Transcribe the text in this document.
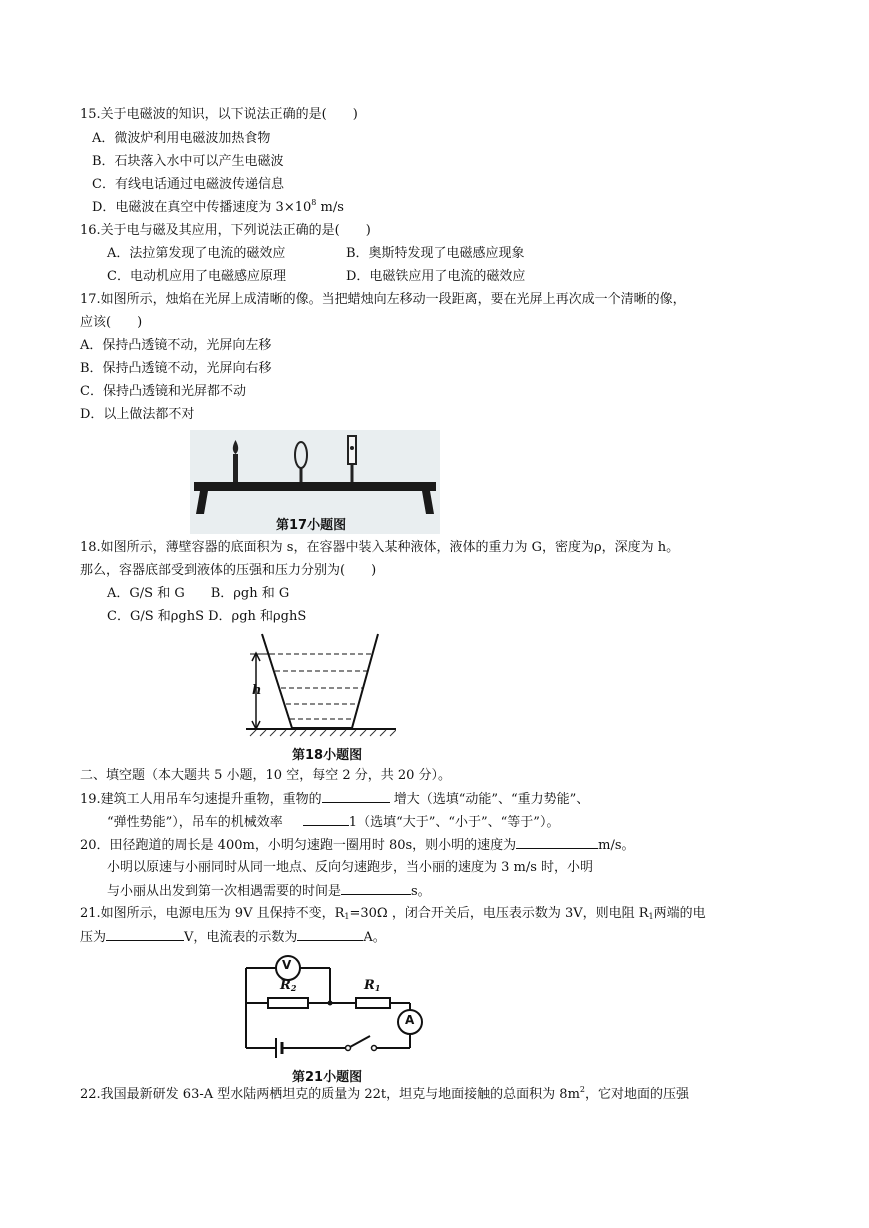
15.关于电磁波的知识，以下说法正确的是(　　)
A．微波炉利用电磁波加热食物
B．石块落入水中可以产生电磁波
C．有线电话通过电磁波传递信息
D．电磁波在真空中传播速度为 $3\times 10^8$ m/s
16.关于电与磁及其应用，下列说法正确的是(　　)
A．法拉第发现了电流的磁效应	B．奥斯特发现了电磁感应现象
C．电动机应用了电磁感应原理	D．电磁铁应用了电流的磁效应
17.如图所示，烛焰在光屏上成清晰的像。当把蜡烛向左移动一段距离，要在光屏上再次成一个清晰的像，
应该(　　)
A．保持凸透镜不动，光屏向左移
B．保持凸透镜不动，光屏向右移
C．保持凸透镜和光屏都不动
D．以上做法都不对
第17小题图
18.如图所示，薄壁容器的底面积为 s，在容器中装入某种液体，液体的重力为 G，密度为ρ，深度为 h。
那么，容器底部受到液体的压强和压力分别为(　　)
A．G/S 和 G　　B．ρgh 和 G
C．G/S 和ρghS D．ρgh 和ρghS
h
第18小题图
二、填空题（本大题共 5 小题，10 空，每空 2 分，共 20 分）。
19.建筑工人用吊车匀速提升重物，重物的	增大（选填“动能”、“重力势能”、
“弹性势能”），吊车的机械效率	1（选填“大于”、“小于”、“等于”）。
20．田径跑道的周长是 400m，小明匀速跑一圈用时 80s，则小明的速度为	m/s。
小明以原速与小丽同时从同一地点、反向匀速跑步，当小丽的速度为 3 m/s 时，小明
与小丽从出发到第一次相遇需要的时间是	s。
21.如图所示，电源电压为 9V 且保持不变，$R_1=30\Omega$ ，闭合开关后，电压表示数为 3V，则电阻 $R_1$两端的电
压为	V，电流表的示数为	A。
V
A
$R_2$	$R_1$
第21小题图
22.我国最新研发 63-A 型水陆两栖坦克的质量为 22t，坦克与地面接触的总面积为 $8m^2$，它对地面的压强
